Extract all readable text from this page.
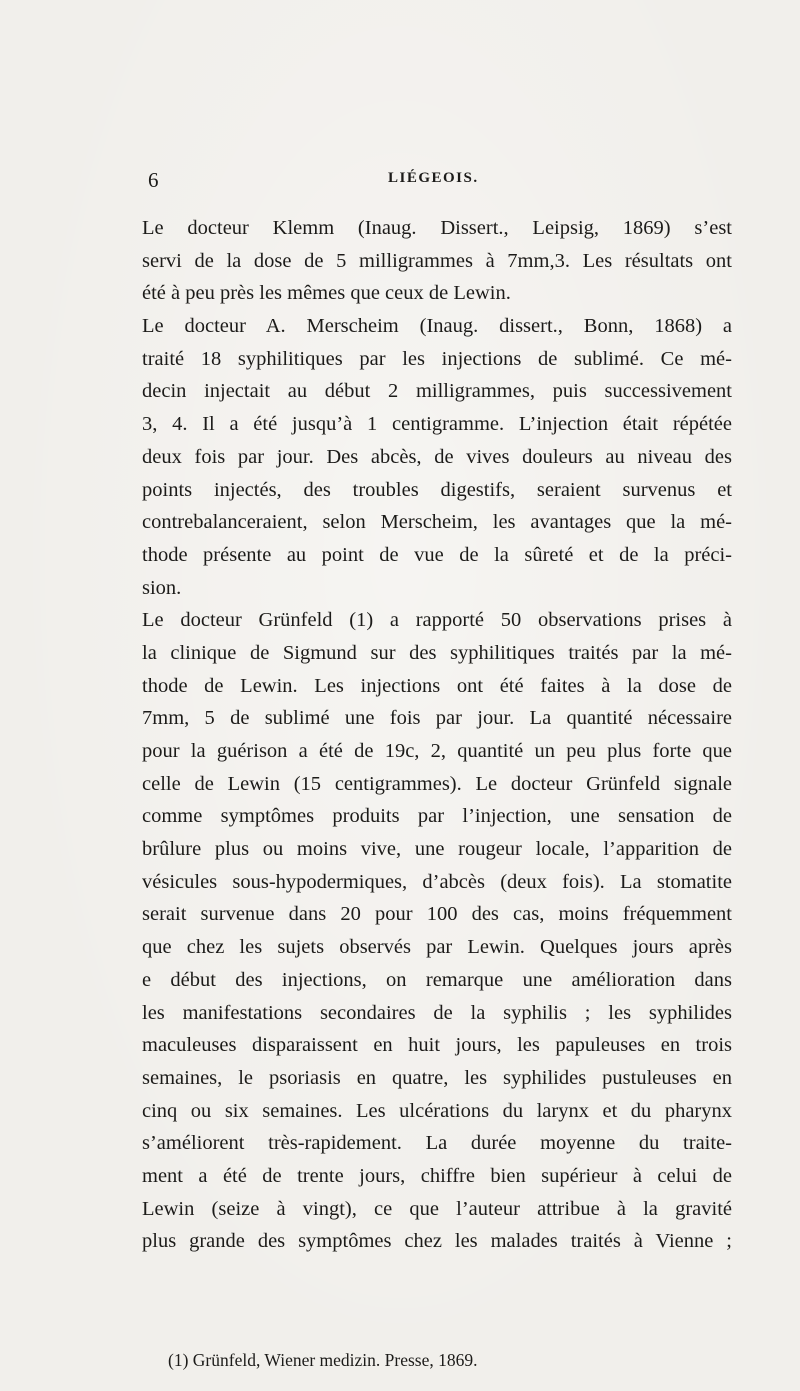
6	LIÉGEOIS.
Le docteur Klemm (Inaug. Dissert., Leipsig, 1869) s’est
servi de la dose de 5 milligrammes à 7mm,3. Les résultats ont
été à peu près les mêmes que ceux de Lewin.
Le docteur A. Merscheim (Inaug. dissert., Bonn, 1868) a
traité 18 syphilitiques par les injections de sublimé. Ce mé-
decin injectait au début 2 milligrammes, puis successivement
3, 4. Il a été jusqu’à 1 centigramme. L’injection était répétée
deux fois par jour. Des abcès, de vives douleurs au niveau des
points injectés, des troubles digestifs, seraient survenus et
contrebalanceraient, selon Merscheim, les avantages que la mé-
thode présente au point de vue de la sûreté et de la préci-
sion.
Le docteur Grünfeld (1) a rapporté 50 observations prises à
la clinique de Sigmund sur des syphilitiques traités par la mé-
thode de Lewin. Les injections ont été faites à la dose de
7mm, 5 de sublimé une fois par jour. La quantité nécessaire
pour la guérison a été de 19c, 2, quantité un peu plus forte que
celle de Lewin (15 centigrammes). Le docteur Grünfeld signale
comme symptômes produits par l’injection, une sensation de
brûlure plus ou moins vive, une rougeur locale, l’apparition de
vésicules sous-hypodermiques, d’abcès (deux fois). La stomatite
serait survenue dans 20 pour 100 des cas, moins fréquemment
que chez les sujets observés par Lewin. Quelques jours après
e début des injections, on remarque une amélioration dans
les manifestations secondaires de la syphilis ; les syphilides
maculeuses disparaissent en huit jours, les papuleuses en trois
semaines, le psoriasis en quatre, les syphilides pustuleuses en
cinq ou six semaines. Les ulcérations du larynx et du pharynx
s’améliorent très-rapidement. La durée moyenne du traite-
ment a été de trente jours, chiffre bien supérieur à celui de
Lewin (seize à vingt), ce que l’auteur attribue à la gravité
plus grande des symptômes chez les malades traités à Vienne ;
(1) Grünfeld, Wiener medizin. Presse, 1869.
